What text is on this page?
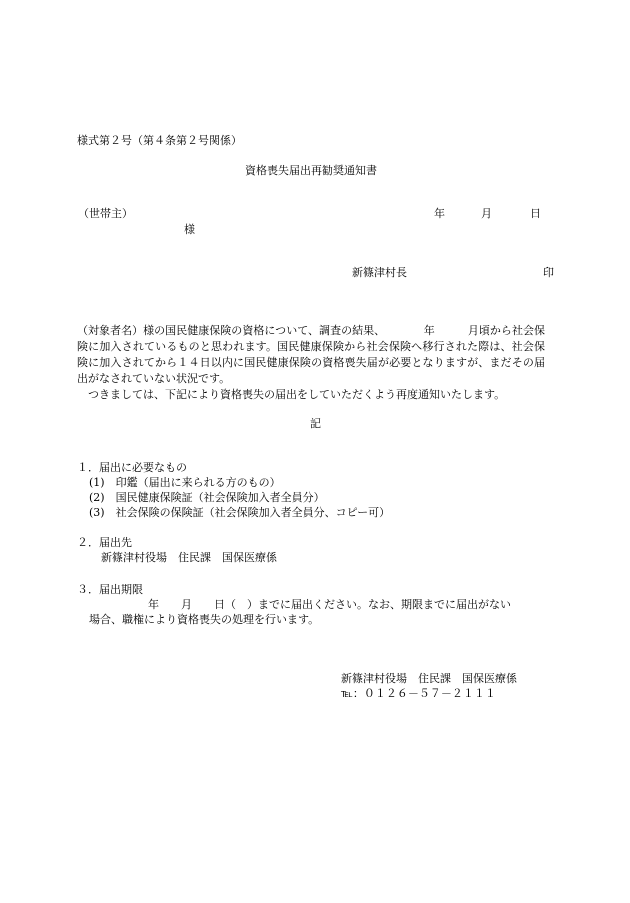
様式第２号（第４条第２号関係）
資格喪失届出再勧奨通知書
（世帯主）
様
年	月	日
新篠津村長	印

（対象者名）様の国民健康保険の資格について、調査の結果、　　　　年　　　月頃から社会保険に加入されているものと思われます。国民健康保険から社会保険へ移行された際は、社会保険に加入されてから１４日以内に国民健康保険の資格喪失届が必要となりますが、まだその届出がなされていない状況です。

　つきましては、下記により資格喪失の届出をしていただくよう再度通知いたします。

記
１．届出に必要なもの
(1)　印鑑（届出に来られる方のもの）
(2)　国民健康保険証（社会保険加入者全員分）
(3)　社会保険の保険証（社会保険加入者全員分、コピー可）
２．届出先
新篠津村役場　住民課　国保医療係
３．届出期限
年　　月　　日（　）までに届出ください。なお、期限までに届出がない
場合、職権により資格喪失の処理を行います。
新篠津村役場　住民課　国保医療係
℡：０１２６－５７－２１１１
